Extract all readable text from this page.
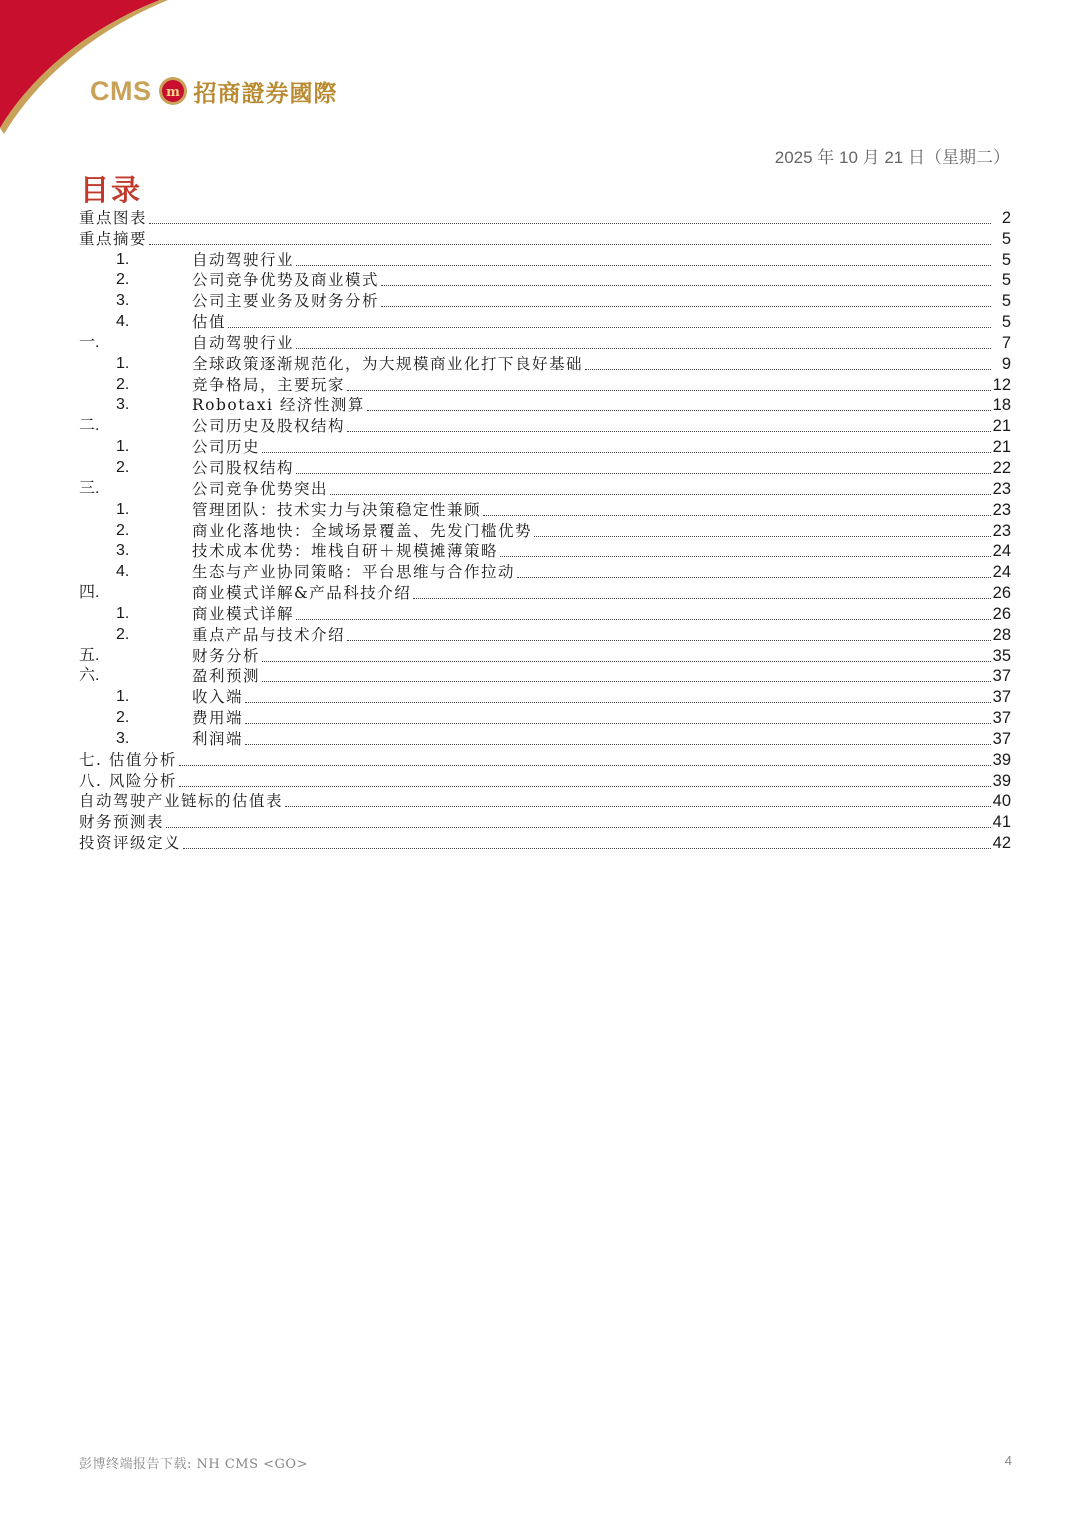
CMS m 招商證券國際
2025 年 10 月 21 日（星期二）
目录
重点图表	2
重点摘要	5
1.	自动驾驶行业	5
2.	公司竞争优势及商业模式	5
3.	公司主要业务及财务分析	5
4.	估值	5
一.	自动驾驶行业	7
1.	全球政策逐渐规范化，为大规模商业化打下良好基础	9
2.	竞争格局，主要玩家	12
3.	Robotaxi 经济性测算	18
二.	公司历史及股权结构	21
1.	公司历史	21
2.	公司股权结构	22
三.	公司竞争优势突出	23
1.	管理团队：技术实力与决策稳定性兼顾	23
2.	商业化落地快：全域场景覆盖、先发门槛优势	23
3.	技术成本优势：堆栈自研＋规模摊薄策略	24
4.	生态与产业协同策略：平台思维与合作拉动	24
四.	商业模式详解&产品科技介绍	26
1.	商业模式详解	26
2.	重点产品与技术介绍	28
五.	财务分析	35
六.	盈利预测	37
1.	收入端	37
2.	费用端	37
3.	利润端	37
七. 估值分析	39
八. 风险分析	39
自动驾驶产业链标的估值表	40
财务预测表	41
投资评级定义	42
彭博终端报告下载: NH CMS <GO>	4
